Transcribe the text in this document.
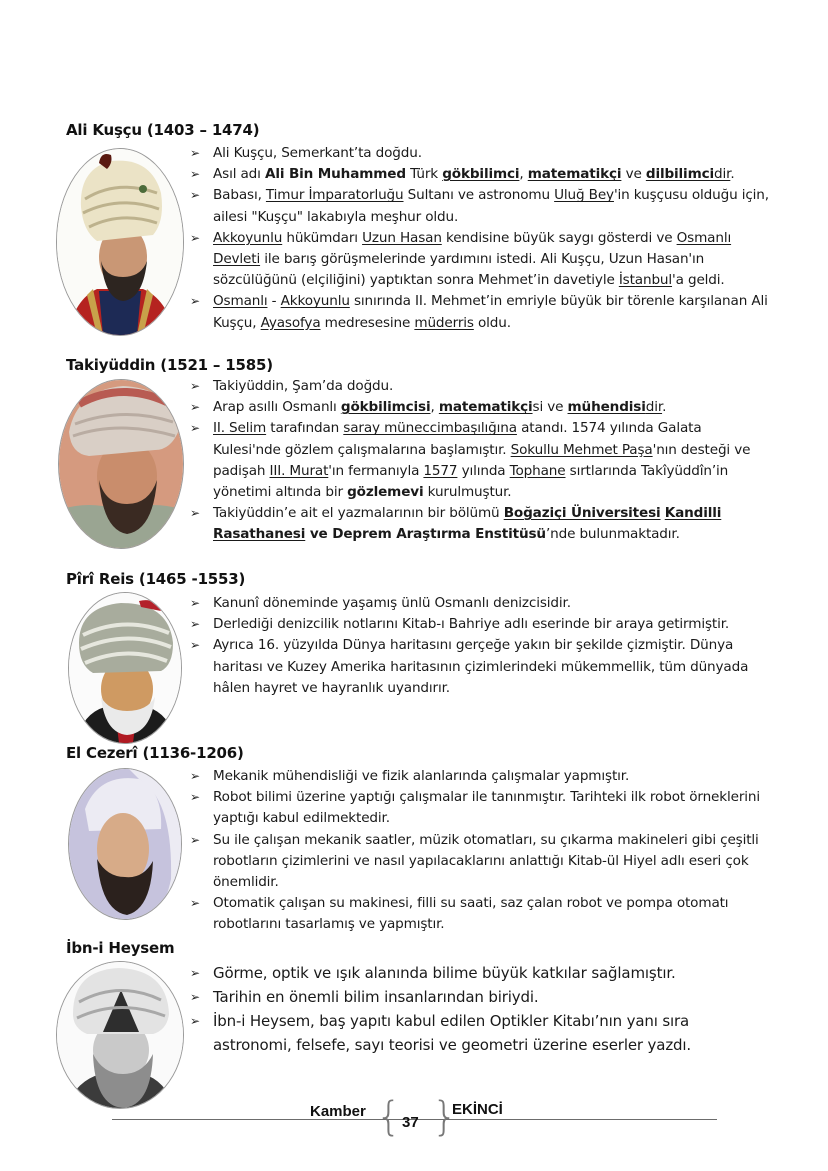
Ali Kuşçu (1403 – 1474)
➢ Ali Kuşçu, Semerkant’ta doğdu.
➢ Asıl adı Ali Bin Muhammed Türk gökbilimci, matematikçi ve dilbilimcidir.
➢ Babası, Timur İmparatorluğu Sultanı ve astronomu Uluğ Bey'in kuşçusu olduğu için, ailesi "Kuşçu" lakabıyla meşhur oldu.
➢ Akkoyunlu hükümdarı Uzun Hasan kendisine büyük saygı gösterdi ve Osmanlı Devleti ile barış görüşmelerinde yardımını istedi. Ali Kuşçu, Uzun Hasan'ın sözcülüğünü (elçiliğini) yaptıktan sonra Mehmet’in davetiyle İstanbul'a geldi.
➢ Osmanlı - Akkoyunlu sınırında II. Mehmet’in emriyle büyük bir törenle karşılanan Ali Kuşçu, Ayasofya medresesine müderris oldu.
Takiyüddin (1521 – 1585)
➢ Takiyüddin, Şam’da doğdu.
➢ Arap asıllı Osmanlı gökbilimcisi, matematikçisi ve mühendisidir.
➢ II. Selim tarafından saray müneccimbaşılığına atandı. 1574 yılında Galata Kulesi'nde gözlem çalışmalarına başlamıştır. Sokullu Mehmet Paşa'nın desteği ve padişah III. Murat'ın fermanıyla 1577 yılında Tophane sırtlarında Takîyüddîn’in yönetimi altında bir gözlemevi kurulmuştur.
➢ Takiyüddin’e ait el yazmalarının bir bölümü Boğaziçi Üniversitesi Kandilli Rasathanesi ve Deprem Araştırma Enstitüsü’nde bulunmaktadır.
Pîrî Reis (1465 -1553)
➢ Kanunî döneminde yaşamış ünlü Osmanlı denizcisidir.
➢ Derlediği denizcilik notlarını Kitab-ı Bahriye adlı eserinde bir araya getirmiştir.
➢ Ayrıca 16. yüzyılda Dünya haritasını gerçeğe yakın bir şekilde çizmiştir. Dünya haritası ve Kuzey Amerika haritasının çizimlerindeki mükemmellik, tüm dünyada hâlen hayret ve hayranlık uyandırır.
El Cezerî (1136-1206)
➢ Mekanik mühendisliği ve fizik alanlarında çalışmalar yapmıştır.
➢ Robot bilimi üzerine yaptığı çalışmalar ile tanınmıştır. Tarihteki ilk robot örneklerini yaptığı kabul edilmektedir.
➢ Su ile çalışan mekanik saatler, müzik otomatları, su çıkarma makineleri gibi çeşitli robotların çizimlerini ve nasıl yapılacaklarını anlattığı Kitab-ül Hiyel adlı eseri çok önemlidir.
➢ Otomatik çalışan su makinesi, filli su saati, saz çalan robot ve pompa otomatı robotlarını tasarlamış ve yapmıştır.
İbn-i Heysem
➢ Görme, optik ve ışık alanında bilime büyük katkılar sağlamıştır.
➢ Tarihin en önemli bilim insanlarından biriydi.
➢ İbn-i Heysem, baş yapıtı kabul edilen Optikler Kitabı’nın yanı sıra astronomi, felsefe, sayı teorisi ve geometri üzerine eserler yazdı.
Kamber { 37 }
EKİNCİ
